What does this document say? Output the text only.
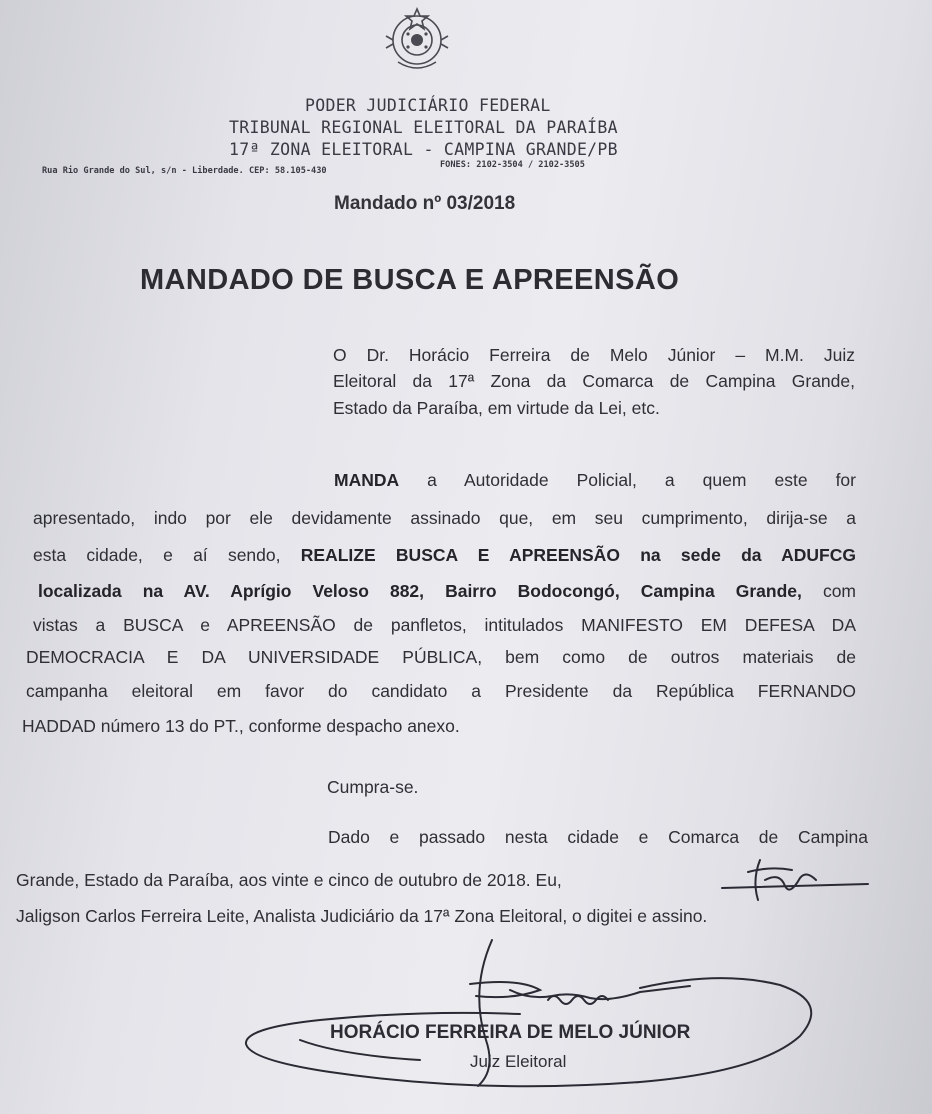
PODER JUDICIÁRIO FEDERAL
TRIBUNAL REGIONAL ELEITORAL DA PARAÍBA
17ª ZONA ELEITORAL - CAMPINA GRANDE/PB
Rua Rio Grande do Sul, s/n - Liberdade. CEP: 58.105-430
FONES: 2102-3504 / 2102-3505
Mandado nº 03/2018
MANDADO DE BUSCA E APREENSÃO
O Dr. Horácio Ferreira de Melo Júnior – M.M. Juiz
Eleitoral da 17ª Zona da Comarca de Campina Grande,
Estado da Paraíba, em virtude da Lei, etc.
MANDA a Autoridade Policial, a quem este for
apresentado, indo por ele devidamente assinado que, em seu cumprimento, dirija-se a
esta cidade, e aí sendo, REALIZE BUSCA E APREENSÃO na sede da ADUFCG
localizada na AV. Aprígio Veloso 882, Bairro Bodocongó, Campina Grande, com
vistas a BUSCA e APREENSÃO de panfletos, intitulados MANIFESTO EM DEFESA DA
DEMOCRACIA E DA UNIVERSIDADE PÚBLICA, bem como de outros materiais de
campanha eleitoral em favor do candidato a Presidente da República FERNANDO
HADDAD número 13 do PT., conforme despacho anexo.
Cumpra-se.
Dado e passado nesta cidade e Comarca de Campina
Grande, Estado da Paraíba, aos vinte e cinco de outubro de 2018. Eu,
Jaligson Carlos Ferreira Leite, Analista Judiciário da 17ª Zona Eleitoral, o digitei e assino.
HORÁCIO FERREIRA DE MELO JÚNIOR
Juiz Eleitoral
